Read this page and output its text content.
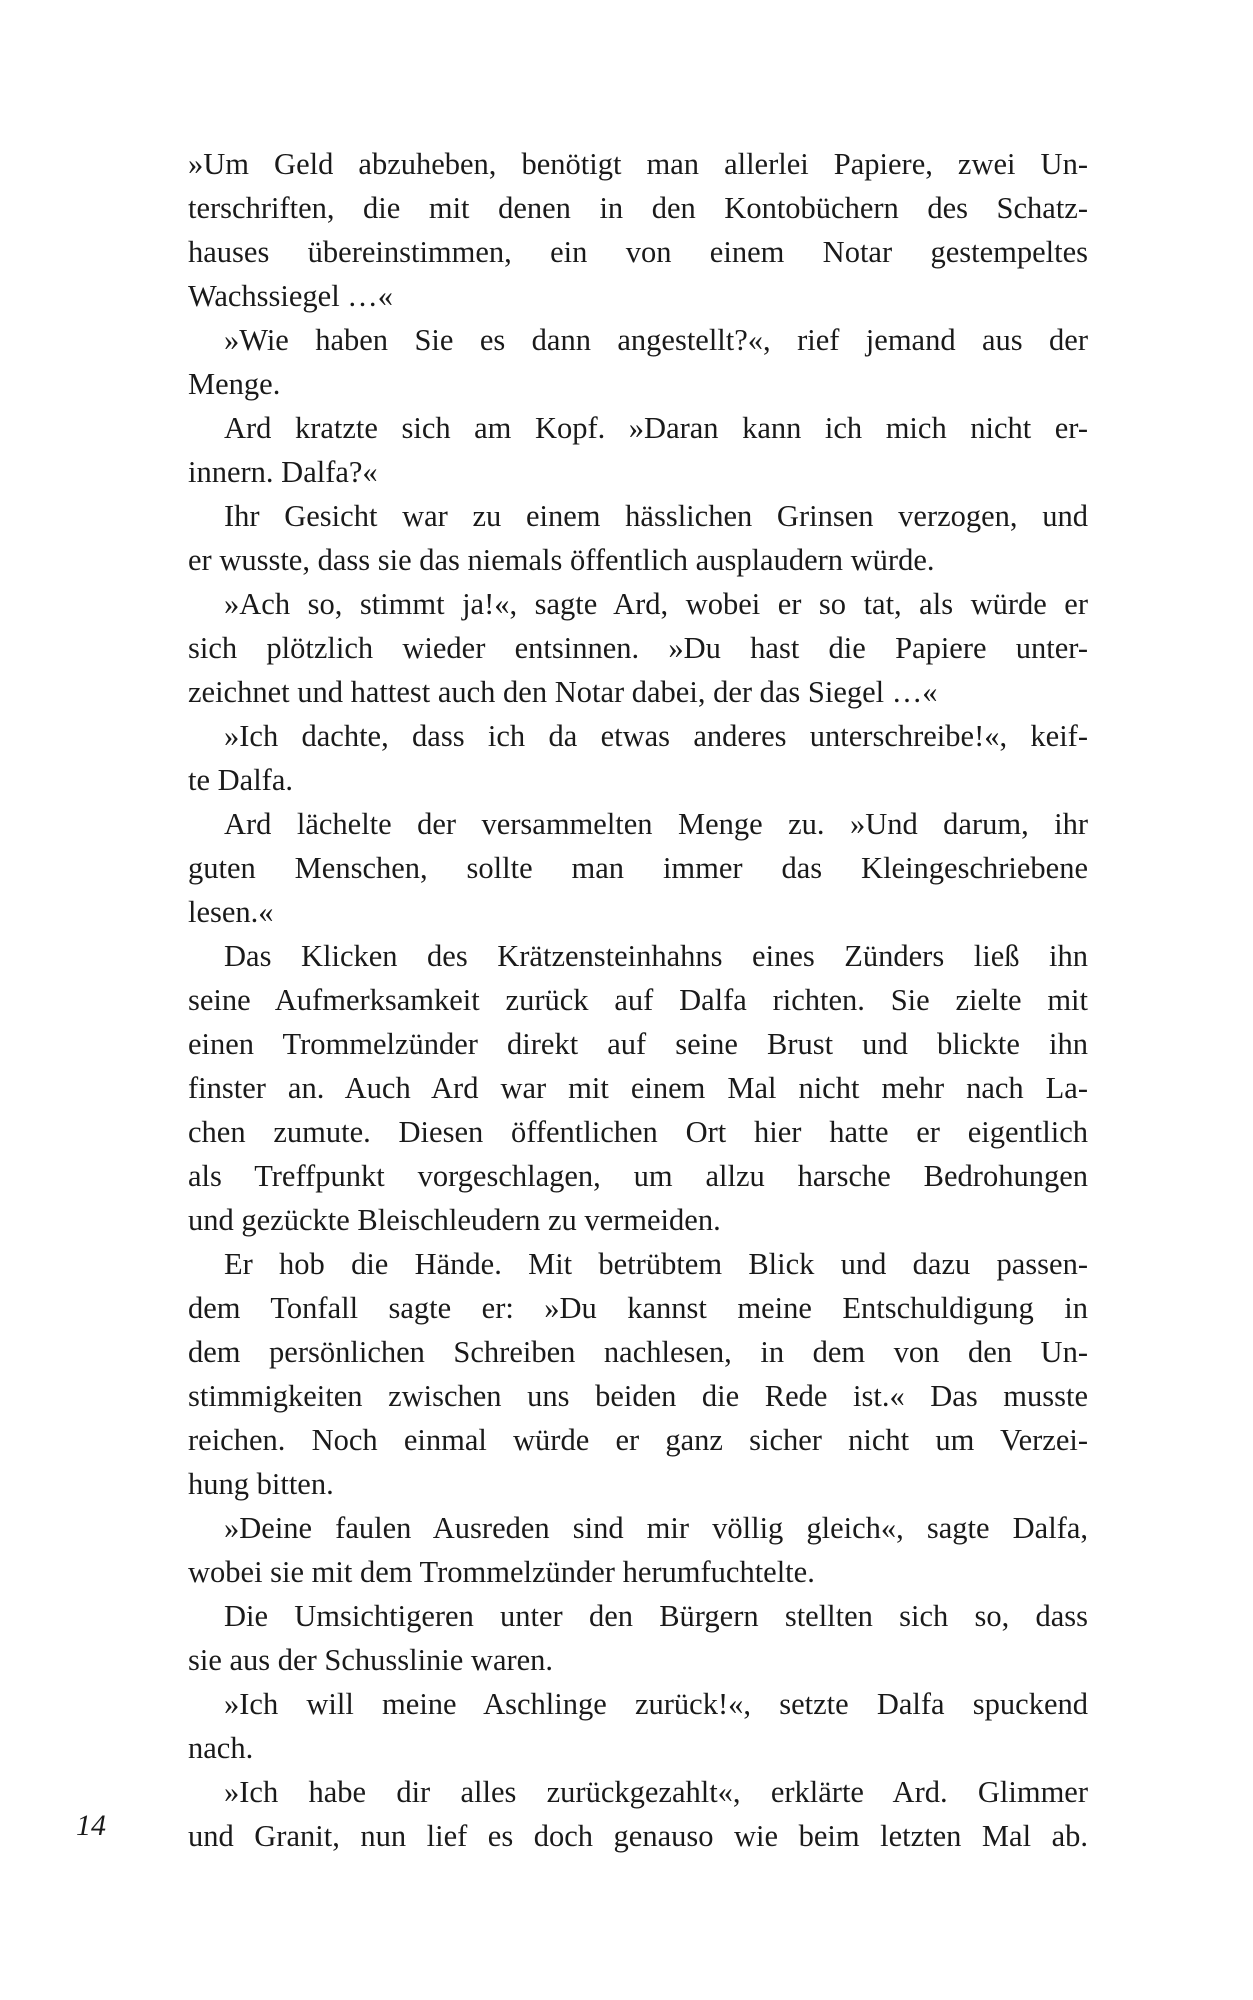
»Um Geld abzuheben, benötigt man allerlei Papiere, zwei Un-
terschriften, die mit denen in den Kontobüchern des Schatz-
hauses übereinstimmen, ein von einem Notar gestempeltes
Wachssiegel …«
»Wie haben Sie es dann angestellt?«, rief jemand aus der
Menge.
Ard kratzte sich am Kopf. »Daran kann ich mich nicht er-
innern. Dalfa?«
Ihr Gesicht war zu einem hässlichen Grinsen verzogen, und
er wusste, dass sie das niemals öffentlich ausplaudern würde.
»Ach so, stimmt ja!«, sagte Ard, wobei er so tat, als würde er
sich plötzlich wieder entsinnen. »Du hast die Papiere unter-
zeichnet und hattest auch den Notar dabei, der das Siegel …«
»Ich dachte, dass ich da etwas anderes unterschreibe!«, keif-
te Dalfa.
Ard lächelte der versammelten Menge zu. »Und darum, ihr
guten Menschen, sollte man immer das Kleingeschriebene
lesen.«
Das Klicken des Krätzensteinhahns eines Zünders ließ ihn
seine Aufmerksamkeit zurück auf Dalfa richten. Sie zielte mit
einen Trommelzünder direkt auf seine Brust und blickte ihn
finster an. Auch Ard war mit einem Mal nicht mehr nach La-
chen zumute. Diesen öffentlichen Ort hier hatte er eigentlich
als Treffpunkt vorgeschlagen, um allzu harsche Bedrohungen
und gezückte Bleischleudern zu vermeiden.
Er hob die Hände. Mit betrübtem Blick und dazu passen-
dem Tonfall sagte er: »Du kannst meine Entschuldigung in
dem persönlichen Schreiben nachlesen, in dem von den Un-
stimmigkeiten zwischen uns beiden die Rede ist.« Das musste
reichen. Noch einmal würde er ganz sicher nicht um Verzei-
hung bitten.
»Deine faulen Ausreden sind mir völlig gleich«, sagte Dalfa,
wobei sie mit dem Trommelzünder herumfuchtelte.
Die Umsichtigeren unter den Bürgern stellten sich so, dass
sie aus der Schusslinie waren.
»Ich will meine Aschlinge zurück!«, setzte Dalfa spuckend
nach.
»Ich habe dir alles zurückgezahlt«, erklärte Ard. Glimmer
und Granit, nun lief es doch genauso wie beim letzten Mal ab.
14
